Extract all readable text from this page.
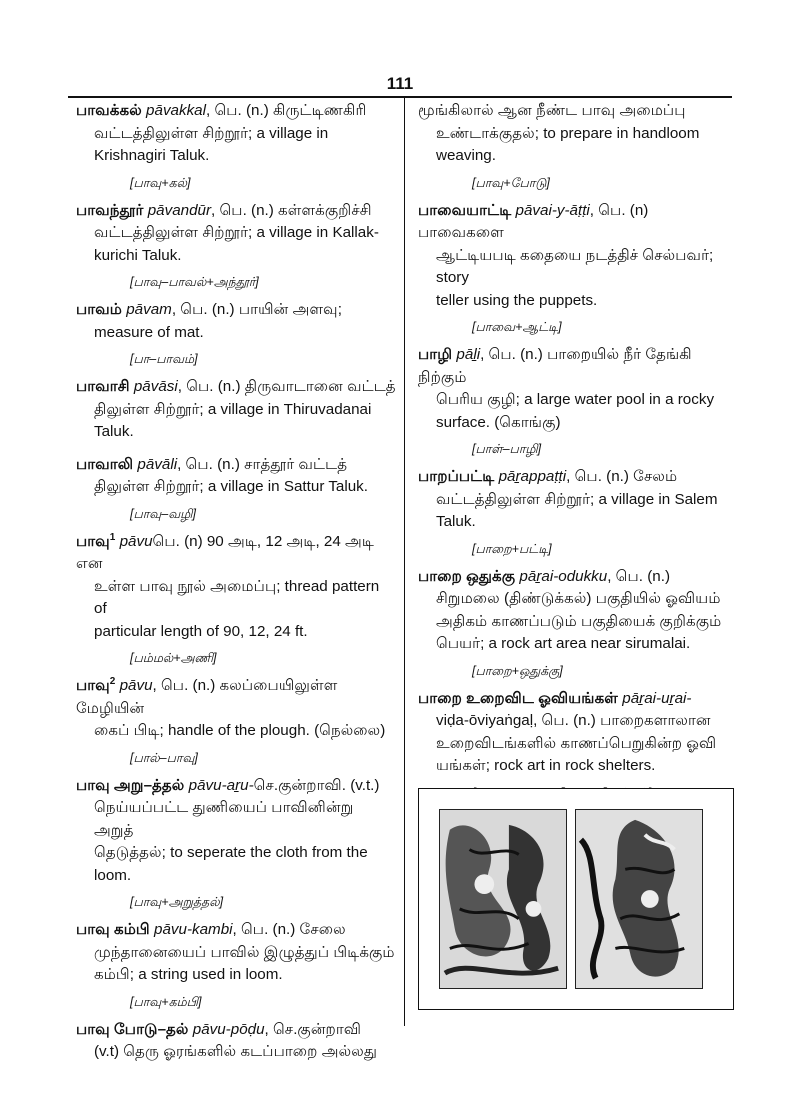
111

பாவக்கல் pāvakkal, பெ. (n.) கிருட்டிணகிரி
வட்டத்திலுள்ள சிற்றூர்; a village in
Krishnagiri Taluk.

[பாவு+கல்]

பாவந்தூர் pāvandūr, பெ. (n.) கள்ளக்குறிச்சி
வட்டத்திலுள்ள சிற்றூர்; a village in Kallak-
kurichi Taluk.

[பாவு–பாவல்+அந்தூர்]

பாவம் pāvam, பெ. (n.) பாயின் அளவு;
measure of mat.

[பா–பாவம்]

பாவாசி pāvāsi, பெ. (n.) திருவாடானை வட்டத்
திலுள்ள சிற்றூர்; a village in Thiruvadanai
Taluk.

பாவாலி pāvāli, பெ. (n.) சாத்தூர் வட்டத்
திலுள்ள சிற்றூர்; a village in Sattur Taluk.

[பாவு–வழி]

பாவு$^1$ pāvuபெ. (n) 90 அடி, 12 அடி, 24 அடி என
உள்ள பாவு நூல் அமைப்பு; thread pattern of
particular length of 90, 12, 24 ft.

[பம்மல்+அணி]

பாவு$^2$ pāvu, பெ. (n.) கலப்பையிலுள்ள மேழியின்
கைப் பிடி; handle of the plough. (நெல்லை)

[பால்–பாவு]

பாவு அறு–த்தல் pāvu-aṟu-செ.குன்றாவி. (v.t.)
நெய்யப்பட்ட துணியைப் பாவினின்று அறுத்
தெடுத்தல்; to seperate the cloth from the
loom.

[பாவு+அறுத்தல்]

பாவு கம்பி pāvu-kambi, பெ. (n.) சேலை
முந்தானையைப் பாவில் இழுத்துப் பிடிக்கும்
கம்பி; a string used in loom.

[பாவு+கம்பி]

பாவு போடு–தல் pāvu-pōḍu, செ.குன்றாவி
(v.t) தெரு ஓரங்களில் கடப்பாறை அல்லது

மூங்கிலால் ஆன நீண்ட பாவு அமைப்பு
உண்டாக்குதல்; to prepare in handloom
weaving.

[பாவு+போடு]

பாவையாட்டி pāvai-y-āṭṭi, பெ. (n) பாவைகளை
ஆட்டியபடி கதையை நடத்திச் செல்பவர்; story
teller using the puppets.

[பாவை+ஆட்டி]

பாழி pāḻi, பெ. (n.) பாறையில் நீர் தேங்கி நிற்கும்
பெரிய குழி; a large water pool in a rocky
surface. (கொங்கு)

[பாள்–பாழி]

பாறப்பட்டி pāṟappaṭṭi, பெ. (n.) சேலம்
வட்டத்திலுள்ள சிற்றூர்; a village in Salem
Taluk.

[பாறை+பட்டி]

பாறை ஒதுக்கு pāṟai-odukku, பெ. (n.)
சிறுமலை (திண்டுக்கல்) பகுதியில் ஓவியம்
அதிகம் காணப்படும் பகுதியைக் குறிக்கும்
பெயர்; a rock art area near sirumalai.

[பாறை+ஒதுக்கு]

பாறை உறைவிட ஓவியங்கள் pāṟai-uṟai-
viḍa-ōviyaṅgaḷ, பெ. (n.) பாறைகளாலான
உறைவிடங்களில் காணப்பெறுகின்ற ஓவி
யங்கள்; rock art in rock shelters.
